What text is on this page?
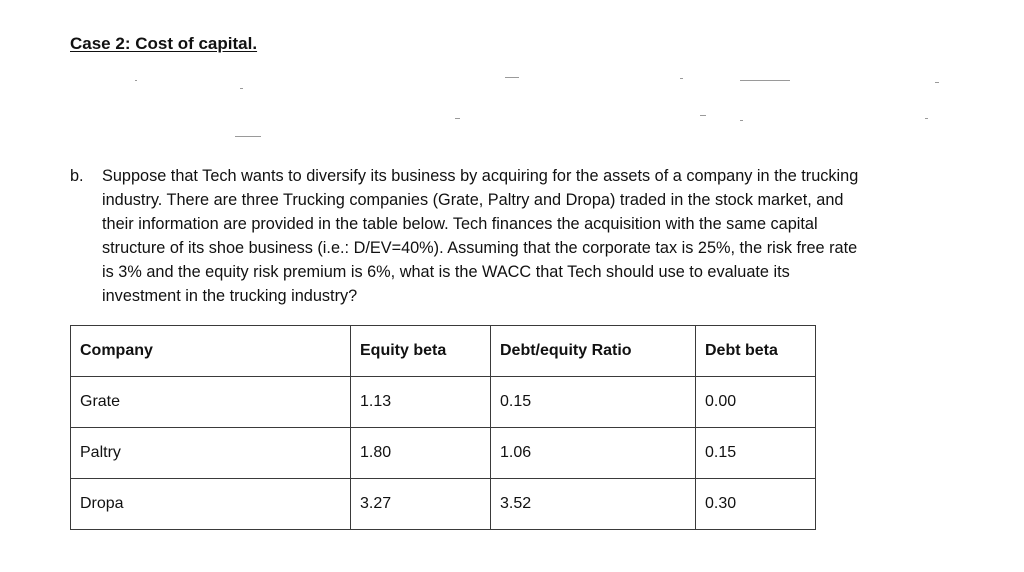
Case 2: Cost of capital.
b. Suppose that Tech wants to diversify its business by acquiring for the assets of a company in the trucking
industry. There are three Trucking companies (Grate, Paltry and Dropa) traded in the stock market, and
their information are provided in the table below. Tech finances the acquisition with the same capital
structure of its shoe business (i.e.: D/EV=40%). Assuming that the corporate tax is 25%, the risk free rate
is 3% and the equity risk premium is 6%, what is the WACC that Tech should use to evaluate its
investment in the trucking industry?

Company	Equity beta	Debt/equity Ratio	Debt beta
Grate	1.13	0.15	0.00
Paltry	1.80	1.06	0.15
Dropa	3.27	3.52	0.30
